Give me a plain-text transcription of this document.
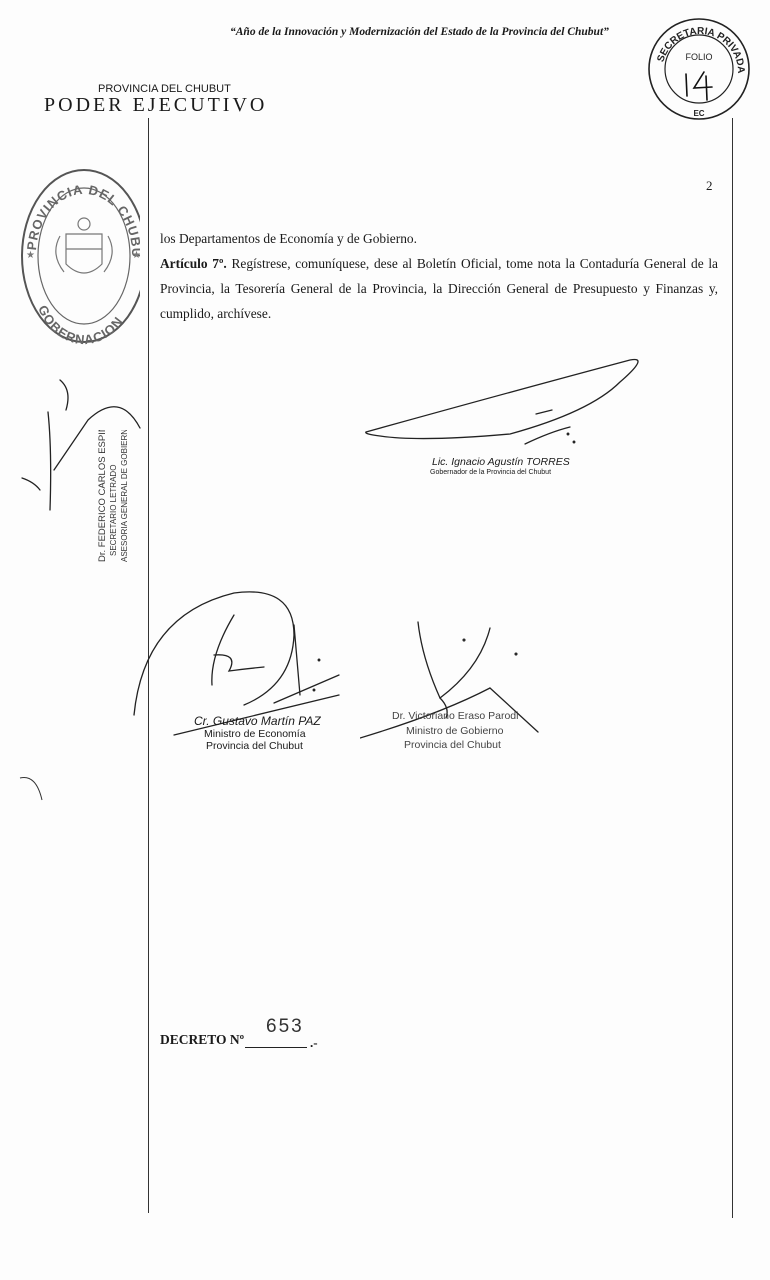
“Año de la Innovación y Modernización del Estado de la Provincia del Chubut”
PROVINCIA DEL CHUBUT
PODER EJECUTIVO
SECRETARIA PRIVADA
FOLIO
EC
PROVINCIA DEL CH
GOBERNACION
★	★
Dr. FEDERICO CARLOS ESPIN SECRETARIO LETRADO ASESORIA GENERAL DE GOBIERNO
2

los Departamentos de Economía y de Gobierno.

Artículo 7º. Regístrese, comuníquese, dese al Boletín Oficial, tome nota la Contaduría General de la Provincia, la Tesorería General de la Provincia, la Dirección General de Presupuesto y Finanzas y, cumplido, archívese.

Lic. Ignacio Agustín TORRES
Gobernador de la Provincia del Chubut
Cr. Gustavo Martín PAZ
Ministro de Economía
Provincia del Chubut
Dr. Victoriano Eraso Parodi
Ministro de Gobierno
Provincia del Chubut
DECRETO Nº
653
.-
